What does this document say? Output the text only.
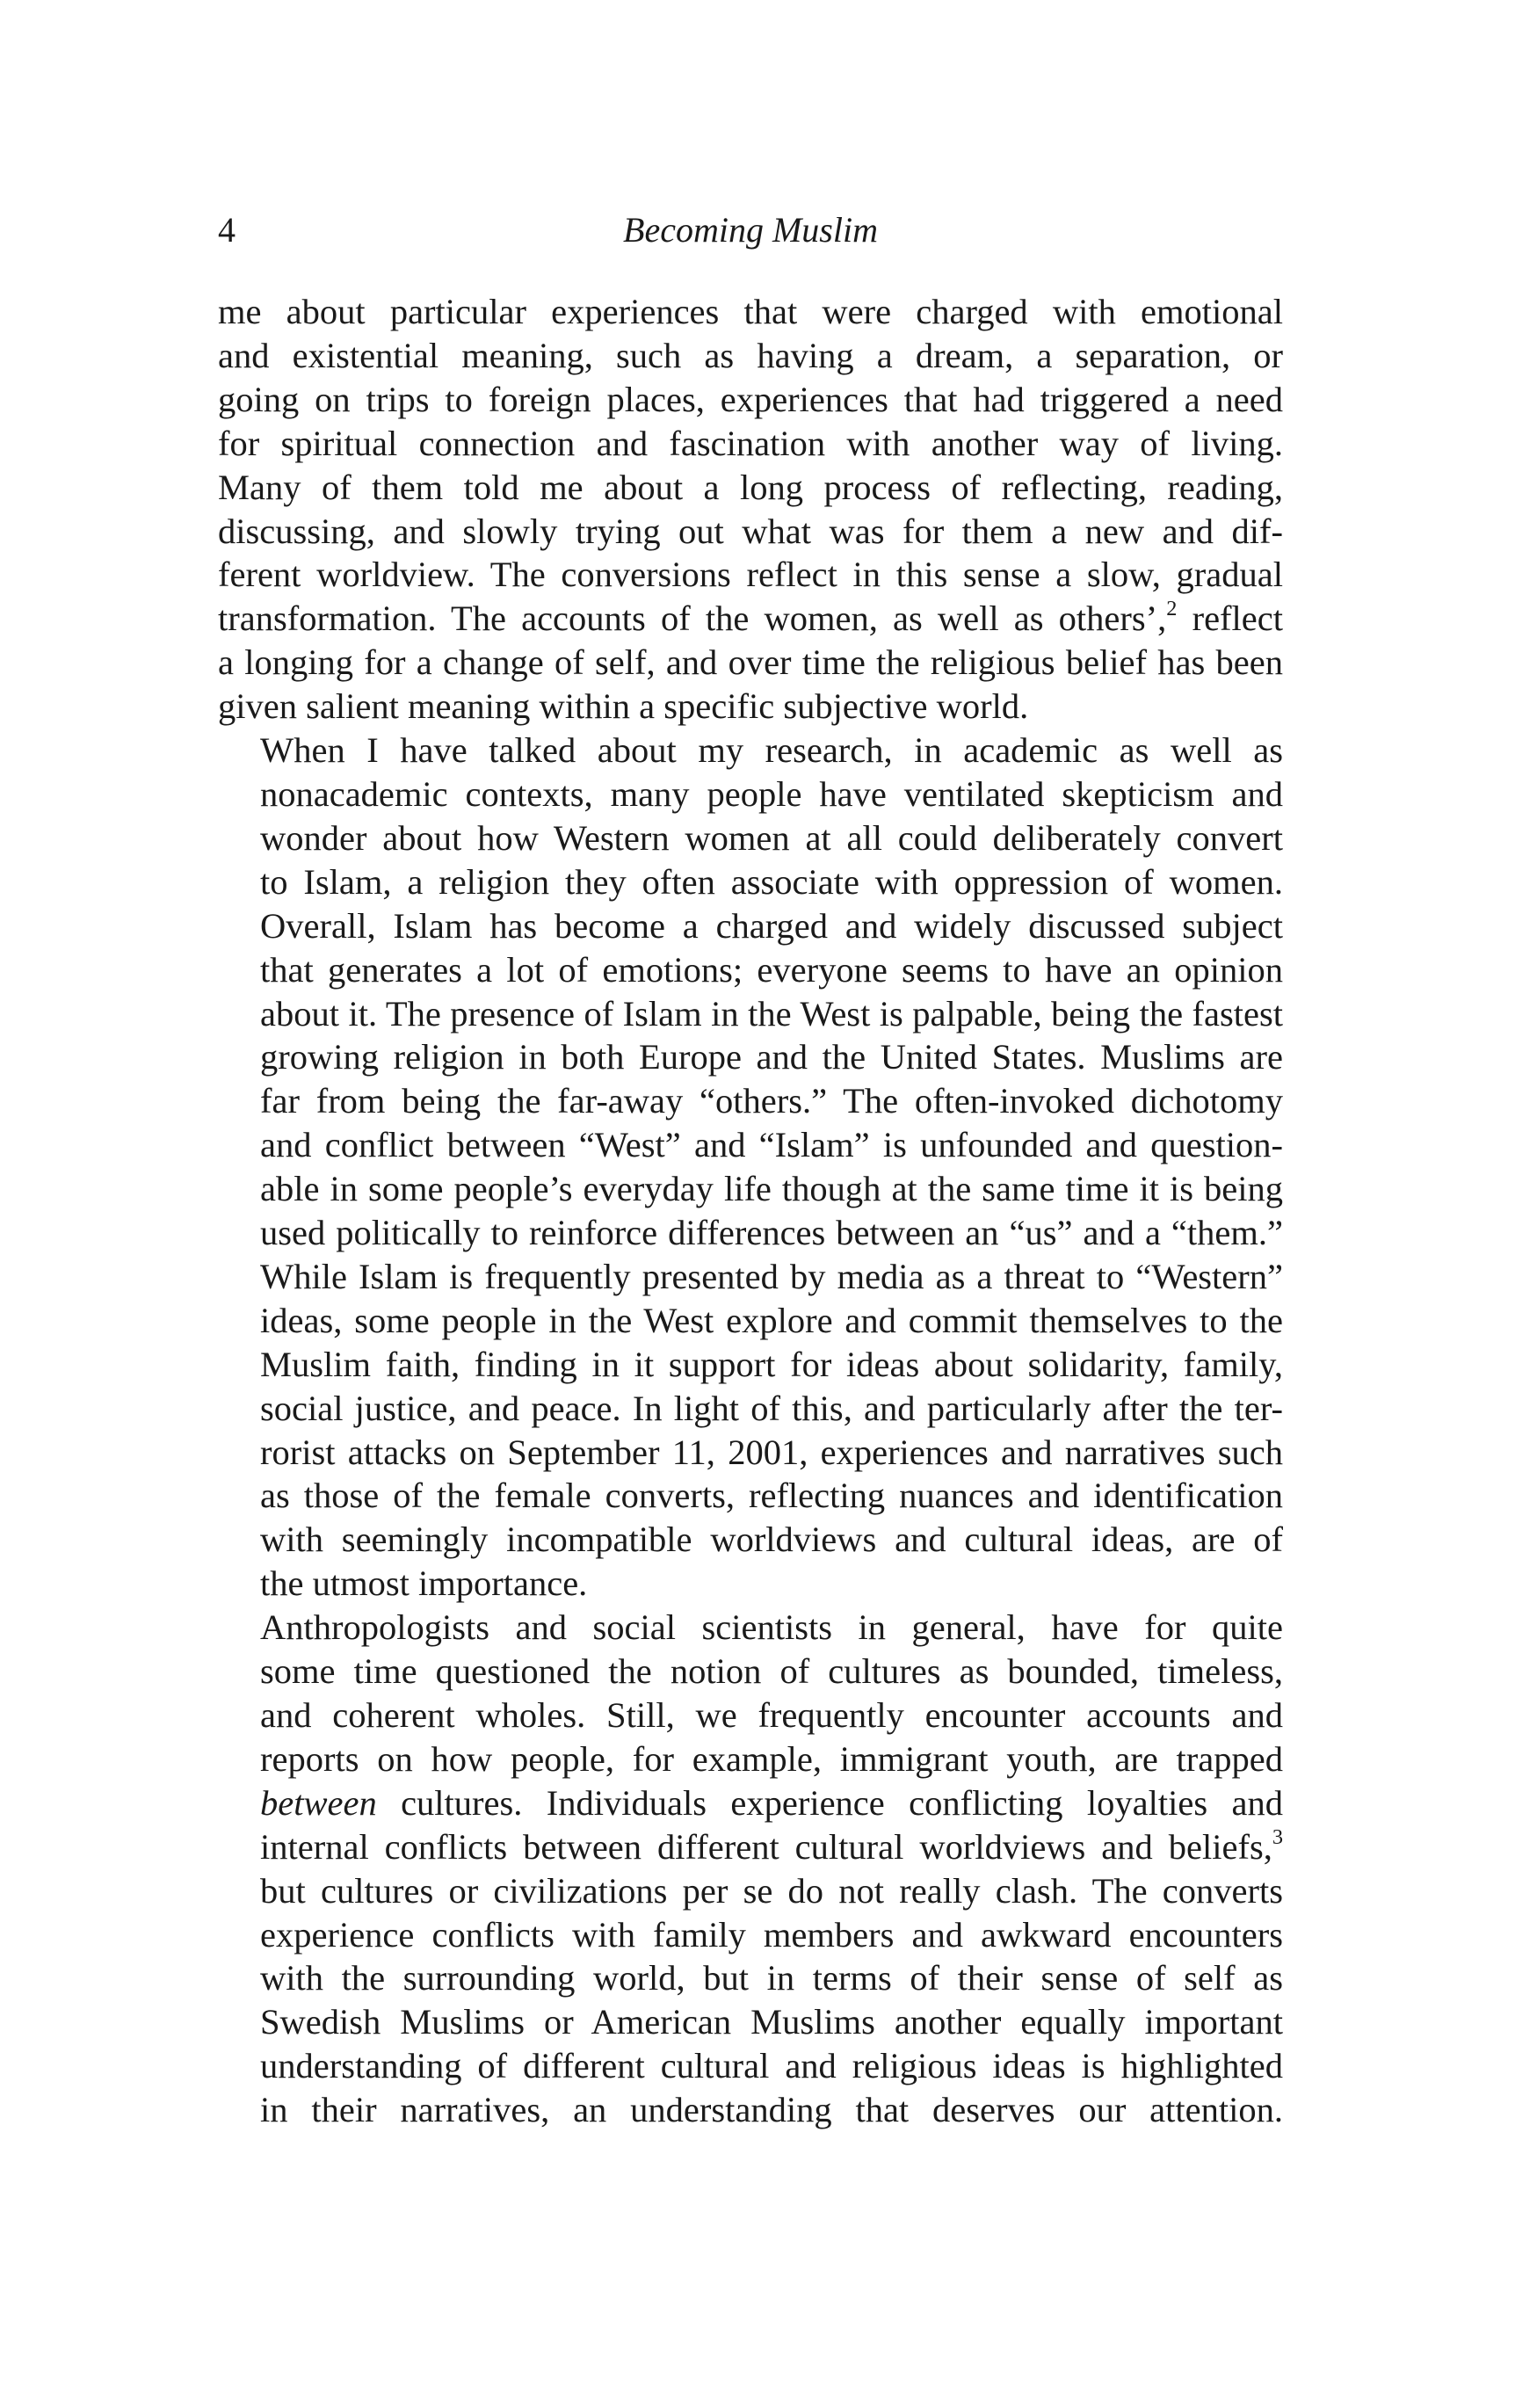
4	Becoming Muslim

me about particular experiences that were charged with emotional
and existential meaning, such as having a dream, a separation, or
going on trips to foreign places, experiences that had triggered a need
for spiritual connection and fascination with another way of living.
Many of them told me about a long process of reflecting, reading,
discussing, and slowly trying out what was for them a new and dif-
ferent worldview. The conversions reflect in this sense a slow, gradual
transformation. The accounts of the women, as well as others’,$^2$ reflect
a longing for a change of self, and over time the religious belief has been
given salient meaning within a specific subjective world.

When I have talked about my research, in academic as well as
nonacademic contexts, many people have ventilated skepticism and
wonder about how Western women at all could deliberately convert
to Islam, a religion they often associate with oppression of women.
Overall, Islam has become a charged and widely discussed subject
that generates a lot of emotions; everyone seems to have an opinion
about it. The presence of Islam in the West is palpable, being the fastest
growing religion in both Europe and the United States. Muslims are
far from being the far-away “others.” The often-invoked dichotomy
and conflict between “West” and “Islam” is unfounded and question-
able in some people’s everyday life though at the same time it is being
used politically to reinforce differences between an “us” and a “them.”
While Islam is frequently presented by media as a threat to “Western”
ideas, some people in the West explore and commit themselves to the
Muslim faith, finding in it support for ideas about solidarity, family,
social justice, and peace. In light of this, and particularly after the ter-
rorist attacks on September 11, 2001, experiences and narratives such
as those of the female converts, reflecting nuances and identification
with seemingly incompatible worldviews and cultural ideas, are of
the utmost importance.

Anthropologists and social scientists in general, have for quite
some time questioned the notion of cultures as bounded, timeless,
and coherent wholes. Still, we frequently encounter accounts and
reports on how people, for example, immigrant youth, are trapped
between cultures. Individuals experience conflicting loyalties and
internal conflicts between different cultural worldviews and beliefs,$^3$
but cultures or civilizations per se do not really clash. The converts
experience conflicts with family members and awkward encounters
with the surrounding world, but in terms of their sense of self as
Swedish Muslims or American Muslims another equally important
understanding of different cultural and religious ideas is highlighted
in their narratives, an understanding that deserves our attention.
